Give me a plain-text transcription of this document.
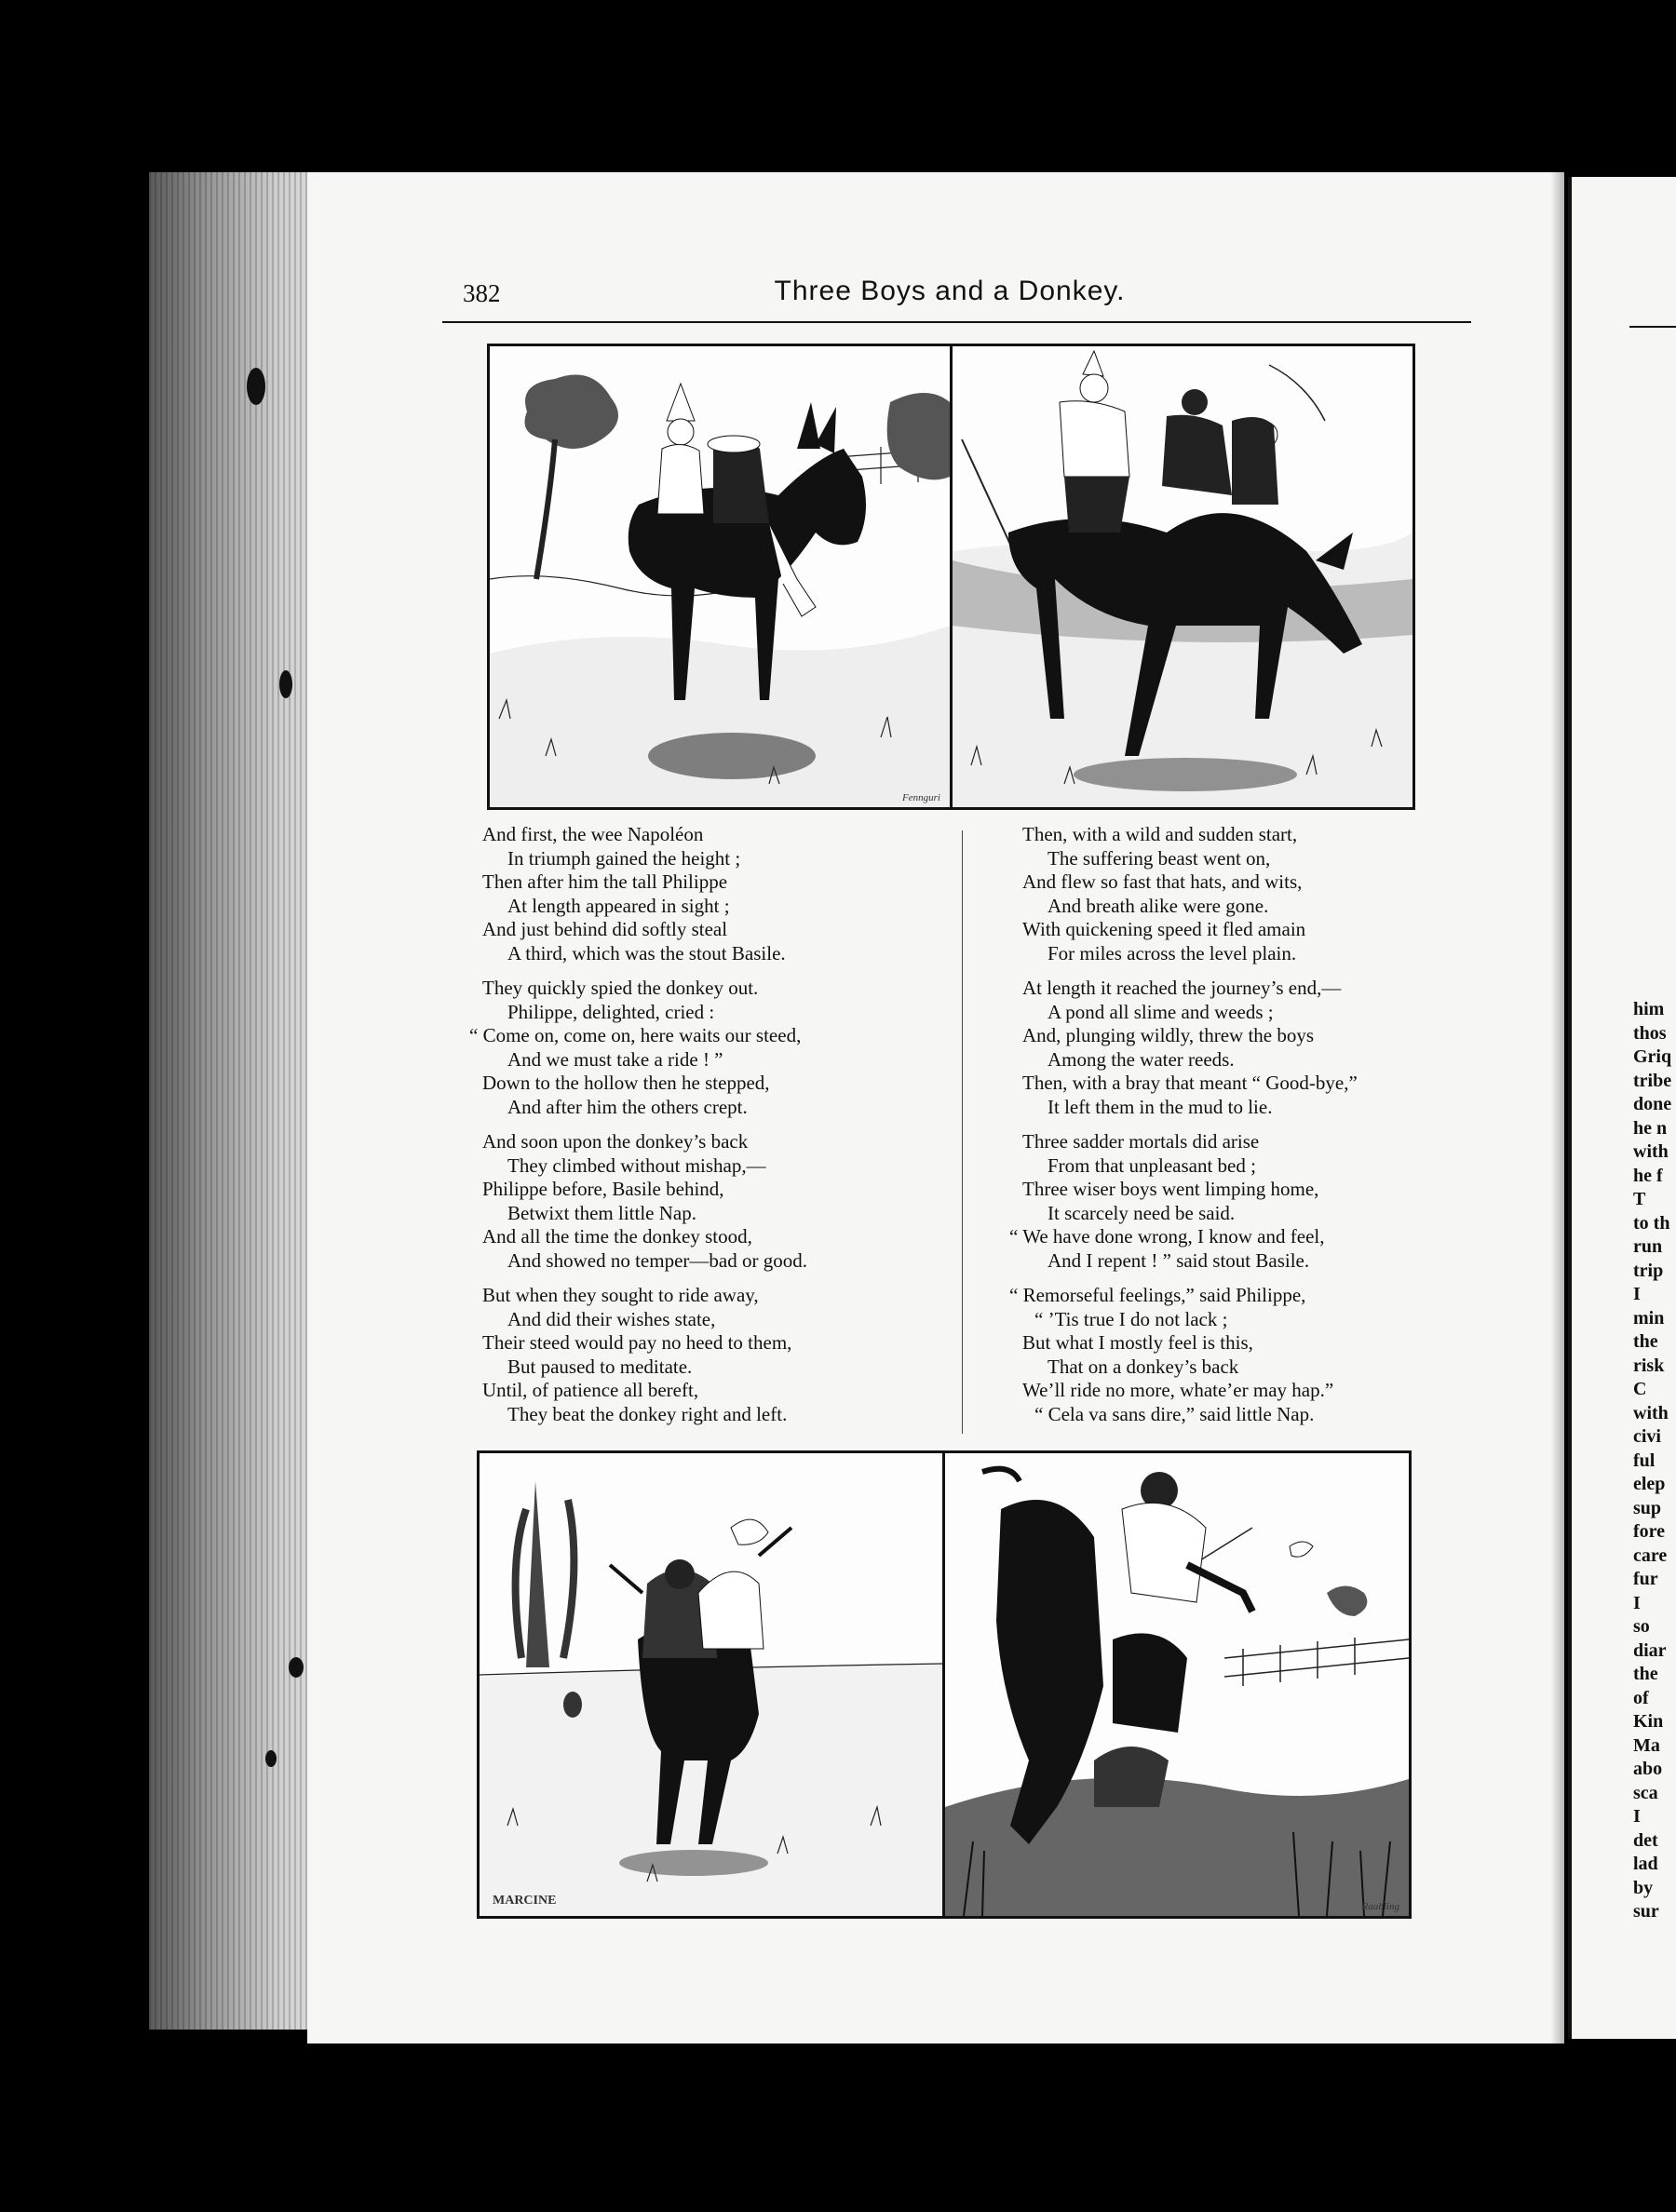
382	Three Boys and a Donkey.
Fennguri
And first, the wee Napoléon
In triumph gained the height ;
Then after him the tall Philippe
At length appeared in sight ;
And just behind did softly steal
A third, which was the stout Basile.
They quickly spied the donkey out.
Philippe, delighted, cried :
“ Come on, come on, here waits our steed,
And we must take a ride ! ”
Down to the hollow then he stepped,
And after him the others crept.
And soon upon the donkey’s back
They climbed without mishap,—
Philippe before, Basile behind,
Betwixt them little Nap.
And all the time the donkey stood,
And showed no temper—bad or good.
But when they sought to ride away,
And did their wishes state,
Their steed would pay no heed to them,
But paused to meditate.
Until, of patience all bereft,
They beat the donkey right and left.
Then, with a wild and sudden start,
The suffering beast went on,
And flew so fast that hats, and wits,
And breath alike were gone.
With quickening speed it fled amain
For miles across the level plain.
At length it reached the journey’s end,—
A pond all slime and weeds ;
And, plunging wildly, threw the boys
Among the water reeds.
Then, with a bray that meant “ Good-bye,”
It left them in the mud to lie.
Three sadder mortals did arise
From that unpleasant bed ;
Three wiser boys went limping home,
It scarcely need be said.
“ We have done wrong, I know and feel,
And I repent ! ” said stout Basile.
“ Remorseful feelings,” said Philippe,
“ ’Tis true I do not lack ;
But what I mostly feel is this,
That on a donkey’s back
We’ll ride no more, whate’er may hap.”
“ Cela va sans dire,” said little Nap.
MARCINE	Raabling
him
thos
Griq
tribe
done
he n
with
he f
T
to th
run
trip
I
min
the
risk
C
with
civi
ful
elep
sup
fore
care
fur
I
so
diar
the
of
Kin
Ma
abo
sca
I
det
lad
by
sur
